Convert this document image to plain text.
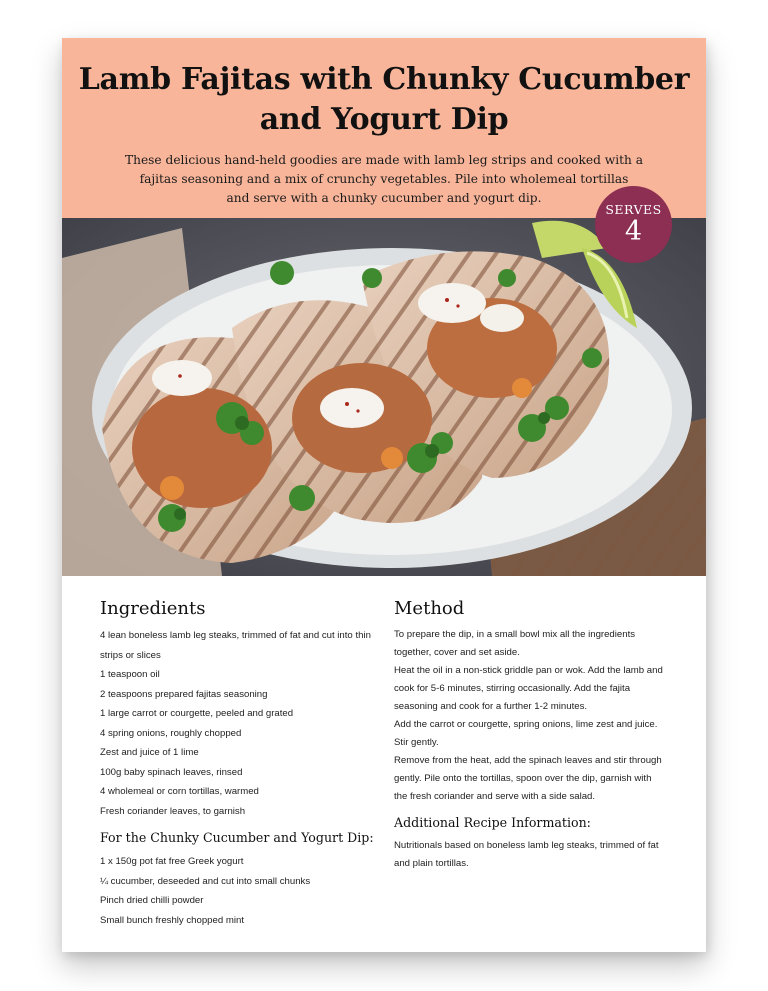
Lamb Fajitas with Chunky Cucumber
and Yogurt Dip

These delicious hand-held goodies are made with lamb leg strips and cooked with a
fajitas seasoning and a mix of crunchy vegetables. Pile into wholemeal tortillas
and serve with a chunky cucumber and yogurt dip.

SERVES
4
Ingredients
4 lean boneless lamb leg steaks, trimmed of fat and cut into thin
strips or slices
1 teaspoon oil
2 teaspoons prepared fajitas seasoning
1 large carrot or courgette, peeled and grated
4 spring onions, roughly chopped
Zest and juice of 1 lime
100g baby spinach leaves, rinsed
4 wholemeal or corn tortillas, warmed
Fresh coriander leaves, to garnish
For the Chunky Cucumber and Yogurt Dip:
1 x 150g pot fat free Greek yogurt
¼ cucumber, deseeded and cut into small chunks
Pinch dried chilli powder
Small bunch freshly chopped mint
Method

To prepare the dip, in a small bowl mix all the ingredients

together, cover and set aside.

Heat the oil in a non-stick griddle pan or wok. Add the lamb and

cook for 5-6 minutes, stirring occasionally. Add the fajita

seasoning and cook for a further 1-2 minutes.

Add the carrot or courgette, spring onions, lime zest and juice.

Stir gently.

Remove from the heat, add the spinach leaves and stir through

gently. Pile onto the tortillas, spoon over the dip, garnish with

the fresh coriander and serve with a side salad.

Additional Recipe Information:

Nutritionals based on boneless lamb leg steaks, trimmed of fat

and plain tortillas.
